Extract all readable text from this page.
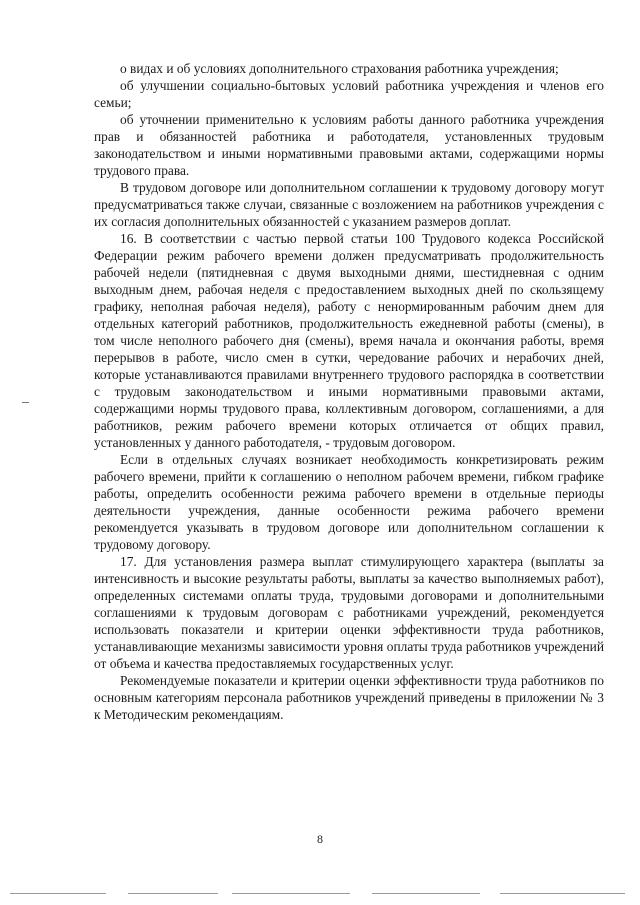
о видах и об условиях дополнительного страхования работника учреждения;

об улучшении социально-бытовых условий работника учреждения и членов его семьи;

об уточнении применительно к условиям работы данного работника учреждения прав и обязанностей работника и работодателя, установленных трудовым законодательством и иными нормативными правовыми актами, содержащими нормы трудового права.

В трудовом договоре или дополнительном соглашении к трудовому договору могут предусматриваться также случаи, связанные с возложением на работников учреждения с их согласия дополнительных обязанностей с указанием размеров доплат.

16. В соответствии с частью первой статьи 100 Трудового кодекса Российской Федерации режим рабочего времени должен предусматривать продолжительность рабочей недели (пятидневная с двумя выходными днями, шестидневная с одним выходным днем, рабочая неделя с предоставлением выходных дней по скользящему графику, неполная рабочая неделя), работу с ненормированным рабочим днем для отдельных категорий работников, продолжительность ежедневной работы (смены), в том числе неполного рабочего дня (смены), время начала и окончания работы, время перерывов в работе, число смен в сутки, чередование рабочих и нерабочих дней, которые устанавливаются правилами внутреннего трудового распорядка в соответствии с трудовым законодательством и иными нормативными правовыми актами, содержащими нормы трудового права, коллективным договором, соглашениями, а для работников, режим рабочего времени которых отличается от общих правил, установленных у данного работодателя, - трудовым договором.

Если в отдельных случаях возникает необходимость конкретизировать режим рабочего времени, прийти к соглашению о неполном рабочем времени, гибком графике работы, определить особенности режима рабочего времени в отдельные периоды деятельности учреждения, данные особенности режима рабочего времени рекомендуется указывать в трудовом договоре или дополнительном соглашении к трудовому договору.

17. Для установления размера выплат стимулирующего характера (выплаты за интенсивность и высокие результаты работы, выплаты за качество выполняемых работ), определенных системами оплаты труда, трудовыми договорами и дополнительными соглашениями к трудовым договорам с работниками учреждений, рекомендуется использовать показатели и критерии оценки эффективности труда работников, устанавливающие механизмы зависимости уровня оплаты труда работников учреждений от объема и качества предоставляемых государственных услуг.

Рекомендуемые показатели и критерии оценки эффективности труда работников по основным категориям персонала работников учреждений приведены в приложении № 3 к Методическим рекомендациям.

8
